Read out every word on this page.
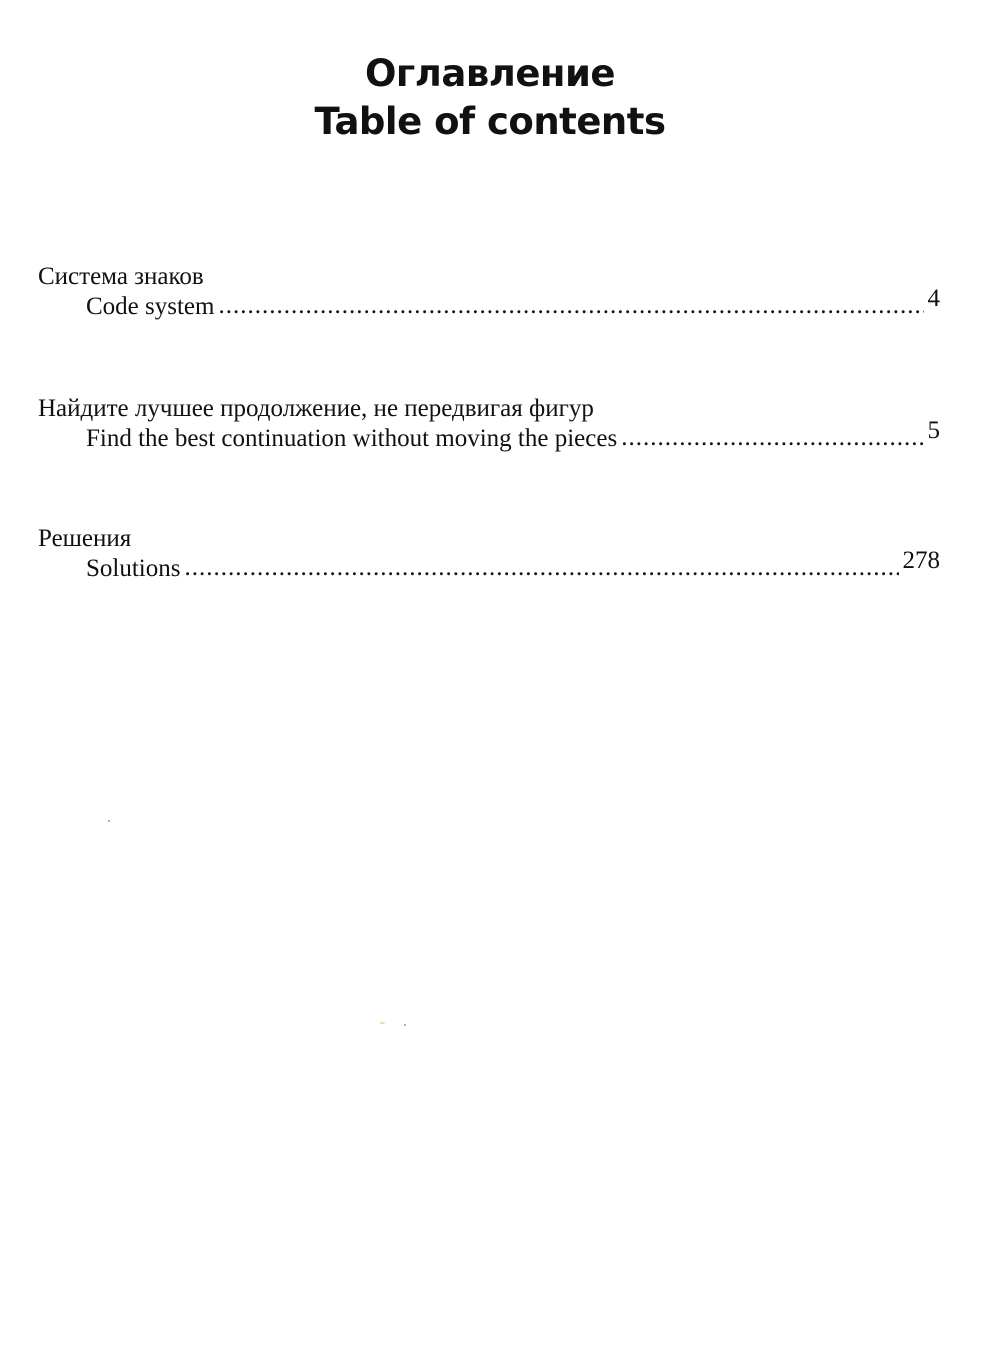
Оглавление
Table of contents
Система знаков
Code system .....	4
Найдите лучшее продолжение, не передвигая фигур
Find the best continuation without moving the pieces .....	5
Решения
Solutions .....	278
